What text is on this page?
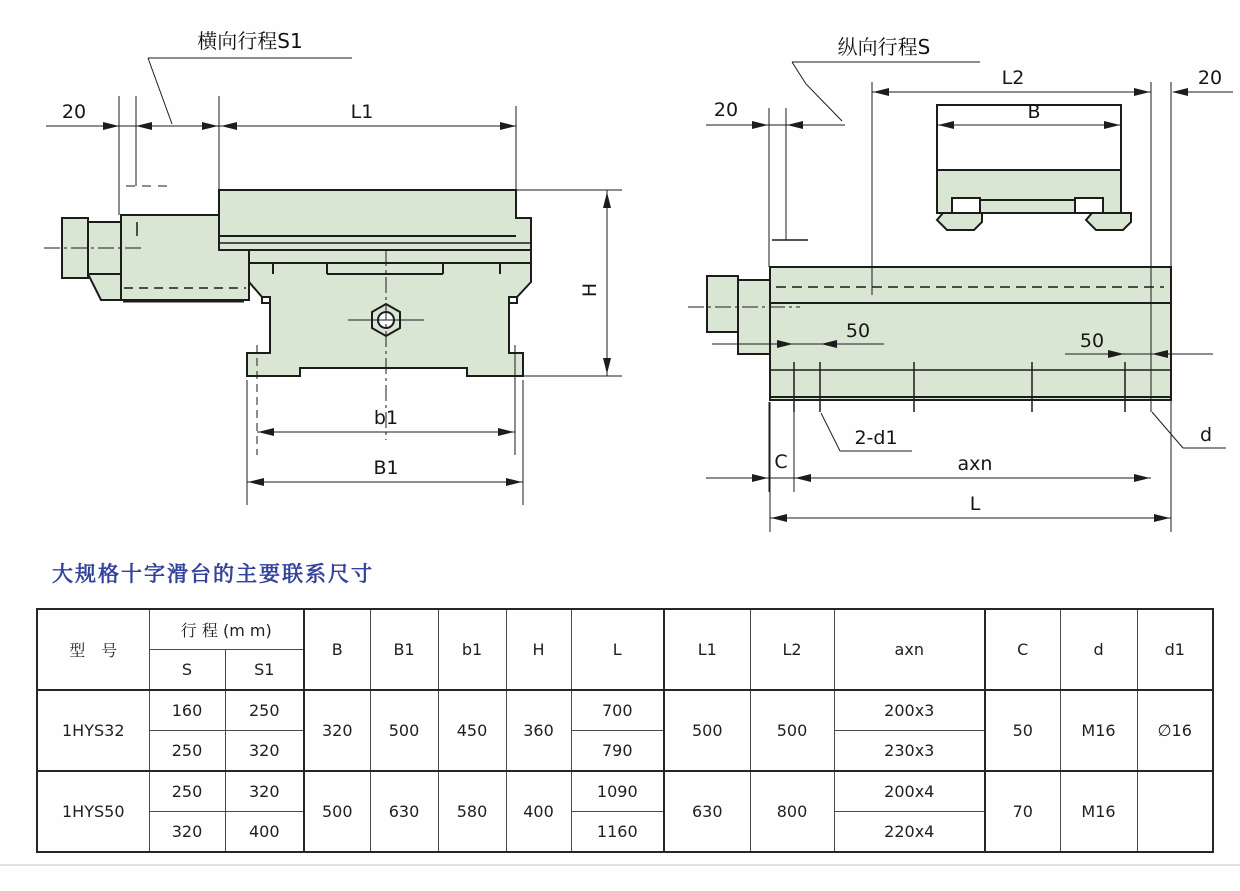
横向行程S1
20	L1
H
b1
B1
纵向行程S
L2	20
20	B
50	50
2-d1	d
C	axn
L
大规格十字滑台的主要联系尺寸
型　号	行 程 (m m)		B	B1	b1	H	L	L1	L2	axn	C	d	d1
	S	S1											
1HYS32	160	250	320	500	450	360	700	500	500	200x3	50	M16	∅16
	250	320					790			230x3			
1HYS50	250	320	500	630	580	400	1090	630	800	200x4	70	M16	
	320	400					1160			220x4			
